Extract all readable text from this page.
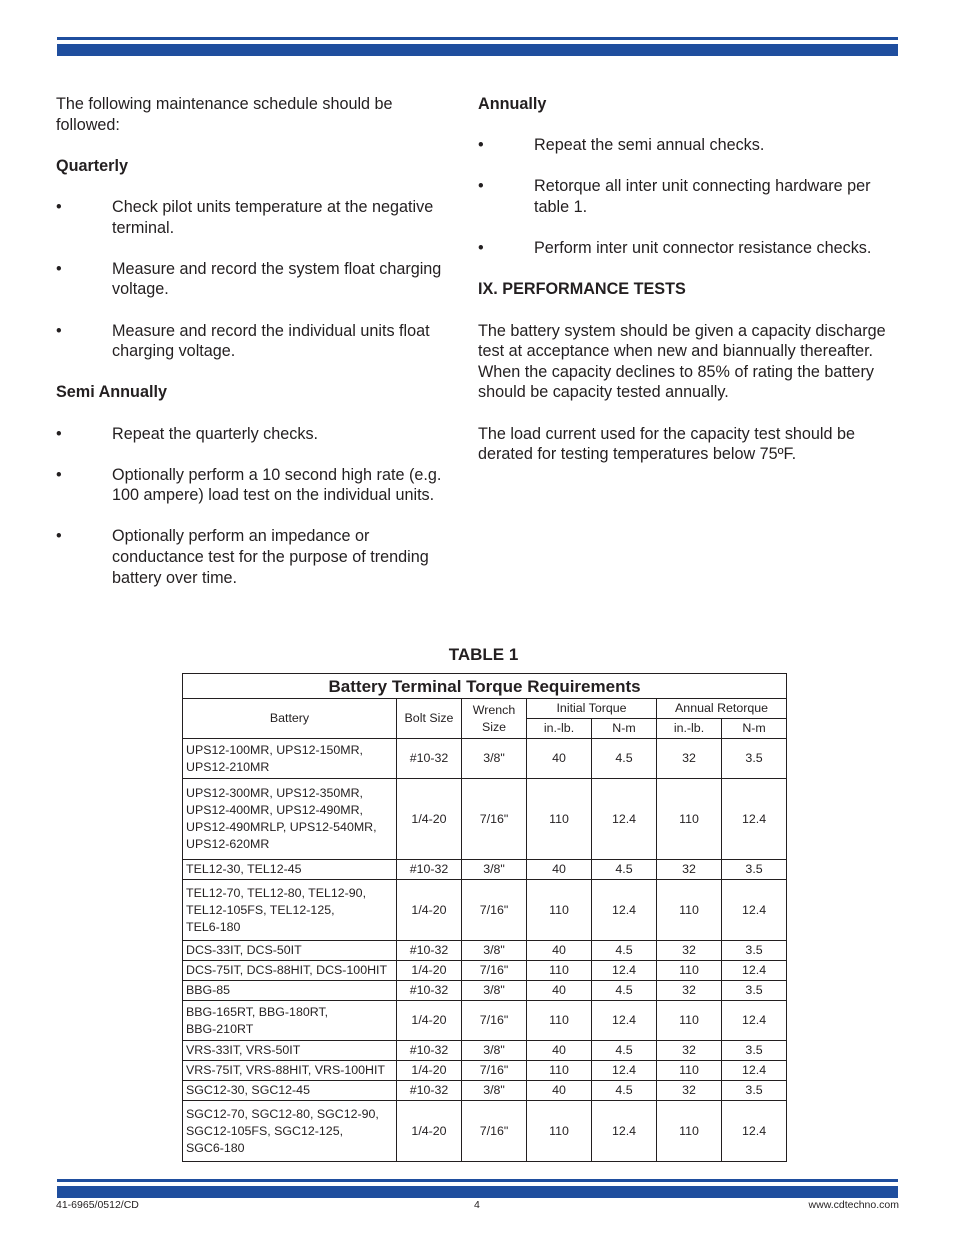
The following maintenance schedule should be followed:

Quarterly
•	Check pilot units temperature at the negative terminal.
•	Measure and record the system float charging voltage.
•	Measure and record the individual units float charging voltage.
Semi Annually
•	Repeat the quarterly checks.
•	Optionally perform a 10 second high rate (e.g. 100 ampere) load test on the individual units.
•	Optionally perform an impedance or conductance test for the purpose of trending battery over time.
Annually
•	Repeat the semi annual checks.
•	Retorque all inter unit connecting hardware per table 1.
•	Perform inter unit connector resistance checks.
IX. PERFORMANCE TESTS

The battery system should be given a capacity discharge test at acceptance when new and biannually thereafter. When the capacity declines to 85% of rating the battery should be capacity tested annually.

The load current used for the capacity test should be derated for testing temperatures below 75ºF.

TABLE 1
Battery Terminal Torque Requirements						
Battery	Bolt Size	Wrench Size	Initial Torque		Annual Retorque	
			in.-lb.	N-m	in.-lb.	N-m
UPS12-100MR, UPS12-150MR,
UPS12-210MR	#10-32	3/8"	40	4.5	32	3.5
UPS12-300MR, UPS12-350MR,
UPS12-400MR, UPS12-490MR,
UPS12-490MRLP, UPS12-540MR,
UPS12-620MR	1/4-20	7/16"	110	12.4	110	12.4
TEL12-30, TEL12-45	#10-32	3/8"	40	4.5	32	3.5
TEL12-70, TEL12-80, TEL12-90,
TEL12-105FS, TEL12-125,
TEL6-180	1/4-20	7/16"	110	12.4	110	12.4
DCS-33IT, DCS-50IT	#10-32	3/8"	40	4.5	32	3.5
DCS-75IT, DCS-88HIT, DCS-100HIT	1/4-20	7/16"	110	12.4	110	12.4
BBG-85	#10-32	3/8"	40	4.5	32	3.5
BBG-165RT, BBG-180RT,
BBG-210RT	1/4-20	7/16"	110	12.4	110	12.4
VRS-33IT, VRS-50IT	#10-32	3/8"	40	4.5	32	3.5
VRS-75IT, VRS-88HIT, VRS-100HIT	1/4-20	7/16"	110	12.4	110	12.4
SGC12-30, SGC12-45	#10-32	3/8"	40	4.5	32	3.5
SGC12-70, SGC12-80, SGC12-90,
SGC12-105FS, SGC12-125,
SGC6-180	1/4-20	7/16"	110	12.4	110	12.4
41-6965/0512/CD	4	www.cdtechno.com
